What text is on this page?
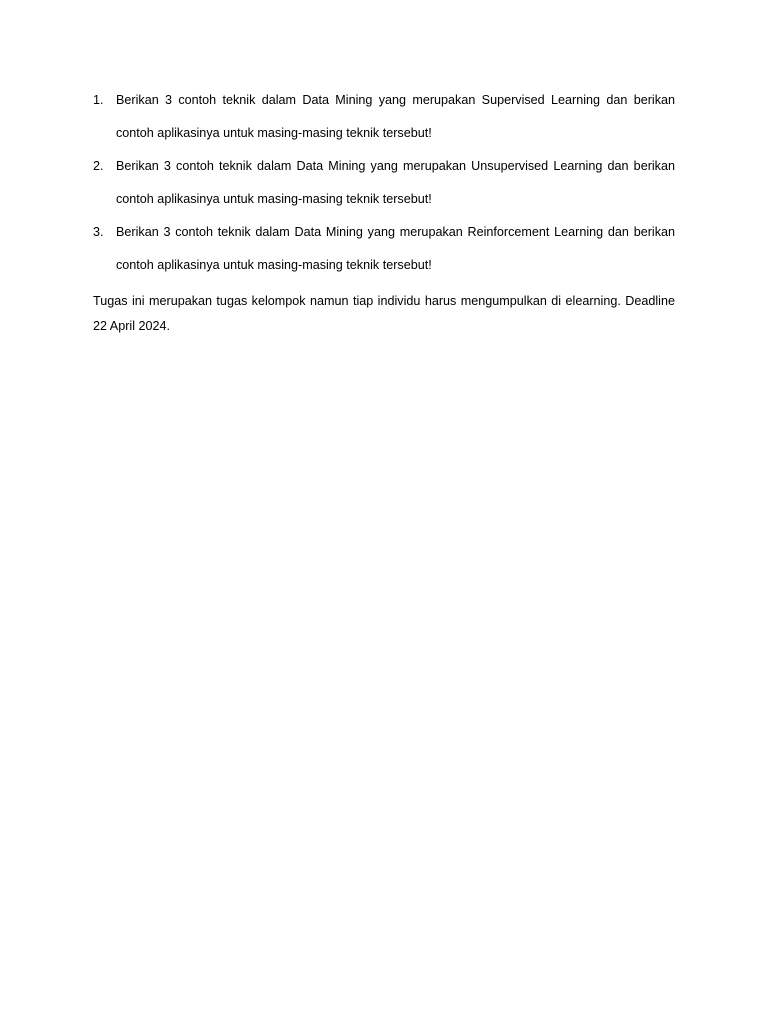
1. Berikan 3 contoh teknik dalam Data Mining yang merupakan Supervised Learning dan berikan contoh aplikasinya untuk masing-masing teknik tersebut!
2. Berikan 3 contoh teknik dalam Data Mining yang merupakan Unsupervised Learning dan berikan contoh aplikasinya untuk masing-masing teknik tersebut!
3. Berikan 3 contoh teknik dalam Data Mining yang merupakan Reinforcement Learning dan berikan contoh aplikasinya untuk masing-masing teknik tersebut!

Tugas ini merupakan tugas kelompok namun tiap individu harus mengumpulkan di elearning. Deadline 22 April 2024.
